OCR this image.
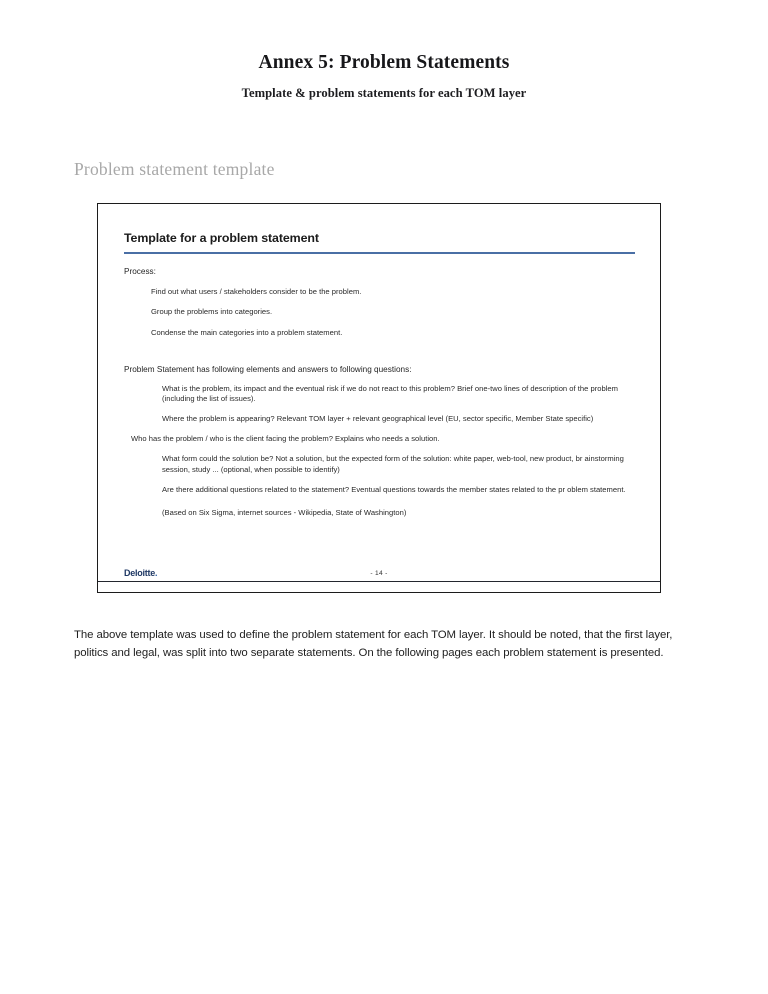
Annex 5: Problem Statements
Template & problem statements for each TOM layer
Problem statement template
Template for a problem statement
Process:
Find out what users / stakeholders consider to be the problem.
Group the problems into categories.
Condense the main categories into a problem statement.
Problem Statement has following elements and answers to following questions:
What is the problem, its impact and the eventual risk if we do not react to this problem? Brief one-two lines of description of the problem (including the list of issues).
Where the problem is appearing? Relevant TOM layer + relevant geographical level (EU, sector specific, Member State specific)
Who has the problem / who is the client facing the problem? Explains who needs a solution.
What form could the solution be? Not a solution, but the expected form of the solution: white paper, web-tool, new product, br ainstorming session, study ... (optional, when possible to identify)
Are there additional questions related to the statement? Eventual questions towards the member states related to the pr oblem statement.
(Based on Six Sigma, internet sources - Wikipedia, State of Washington)
Deloitte.	- 14 -
The above template was used to define the problem statement for each TOM layer. It should be noted, that the first layer, politics and legal, was split into two separate statements. On the following pages each problem statement is presented.
